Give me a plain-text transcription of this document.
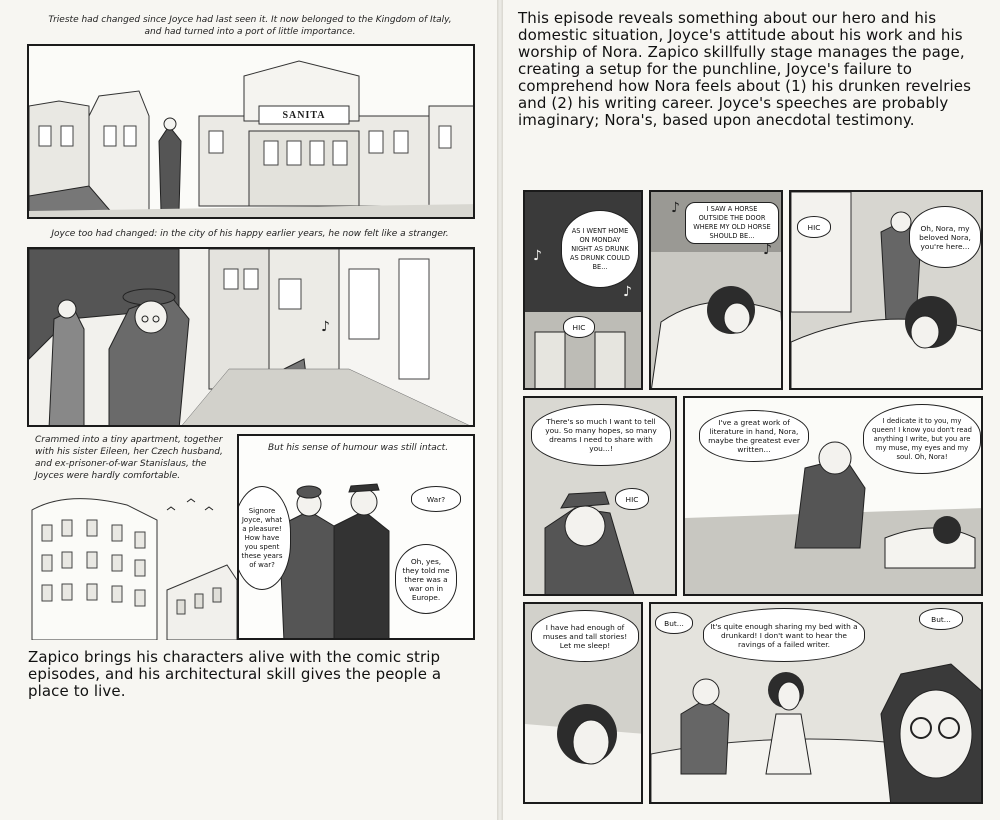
Trieste had changed since Joyce had last seen it. It now belonged to the Kingdom of Italy, and had turned into a port of little importance.
SANITA
Joyce too had changed: in the city of his happy earlier years, he now felt like a stranger.
♪
Crammed into a tiny apartment, together with his sister Eileen, her Czech husband, and ex-prisoner-of-war Stanislaus, the Joyces were hardly comfortable.
But his sense of humour was still intact.
Signore Joyce, what a pleasure! How have you spent these years of war?
War?
Oh, yes, they told me there was a war on in Europe.
Zapico brings his characters alive with the comic strip episodes, and his architectural skill gives the people a place to live.
This episode reveals something about our hero and his domestic situation, Joyce's attitude about his work and his worship of Nora. Zapico skillfully stage manages the page, creating a setup for the punchline, Joyce's failure to comprehend how Nora feels about (1) his drunken revelries and (2) his writing career. Joyce's speeches are probably imaginary; Nora's, based upon anecdotal testimony.
AS I WENT HOME ON MONDAY NIGHT AS DRUNK AS DRUNK COULD BE...
HIC
♪
♪
I SAW A HORSE OUTSIDE THE DOOR WHERE MY OLD HORSE SHOULD BE...
♪
♪
HIC	Oh, Nora, my beloved Nora, you're here...
There's so much I want to tell you. So many hopes, so many dreams I need to share with you...!
HIC
I've a great work of literature in hand, Nora, maybe the greatest ever written...
I dedicate it to you, my queen! I know you don't read anything I write, but you are my muse, my eyes and my soul. Oh, Nora!
I have had enough of muses and tall stories! Let me sleep!
But...	It's quite enough sharing my bed with a drunkard! I don't want to hear the ravings of a failed writer.
But...
